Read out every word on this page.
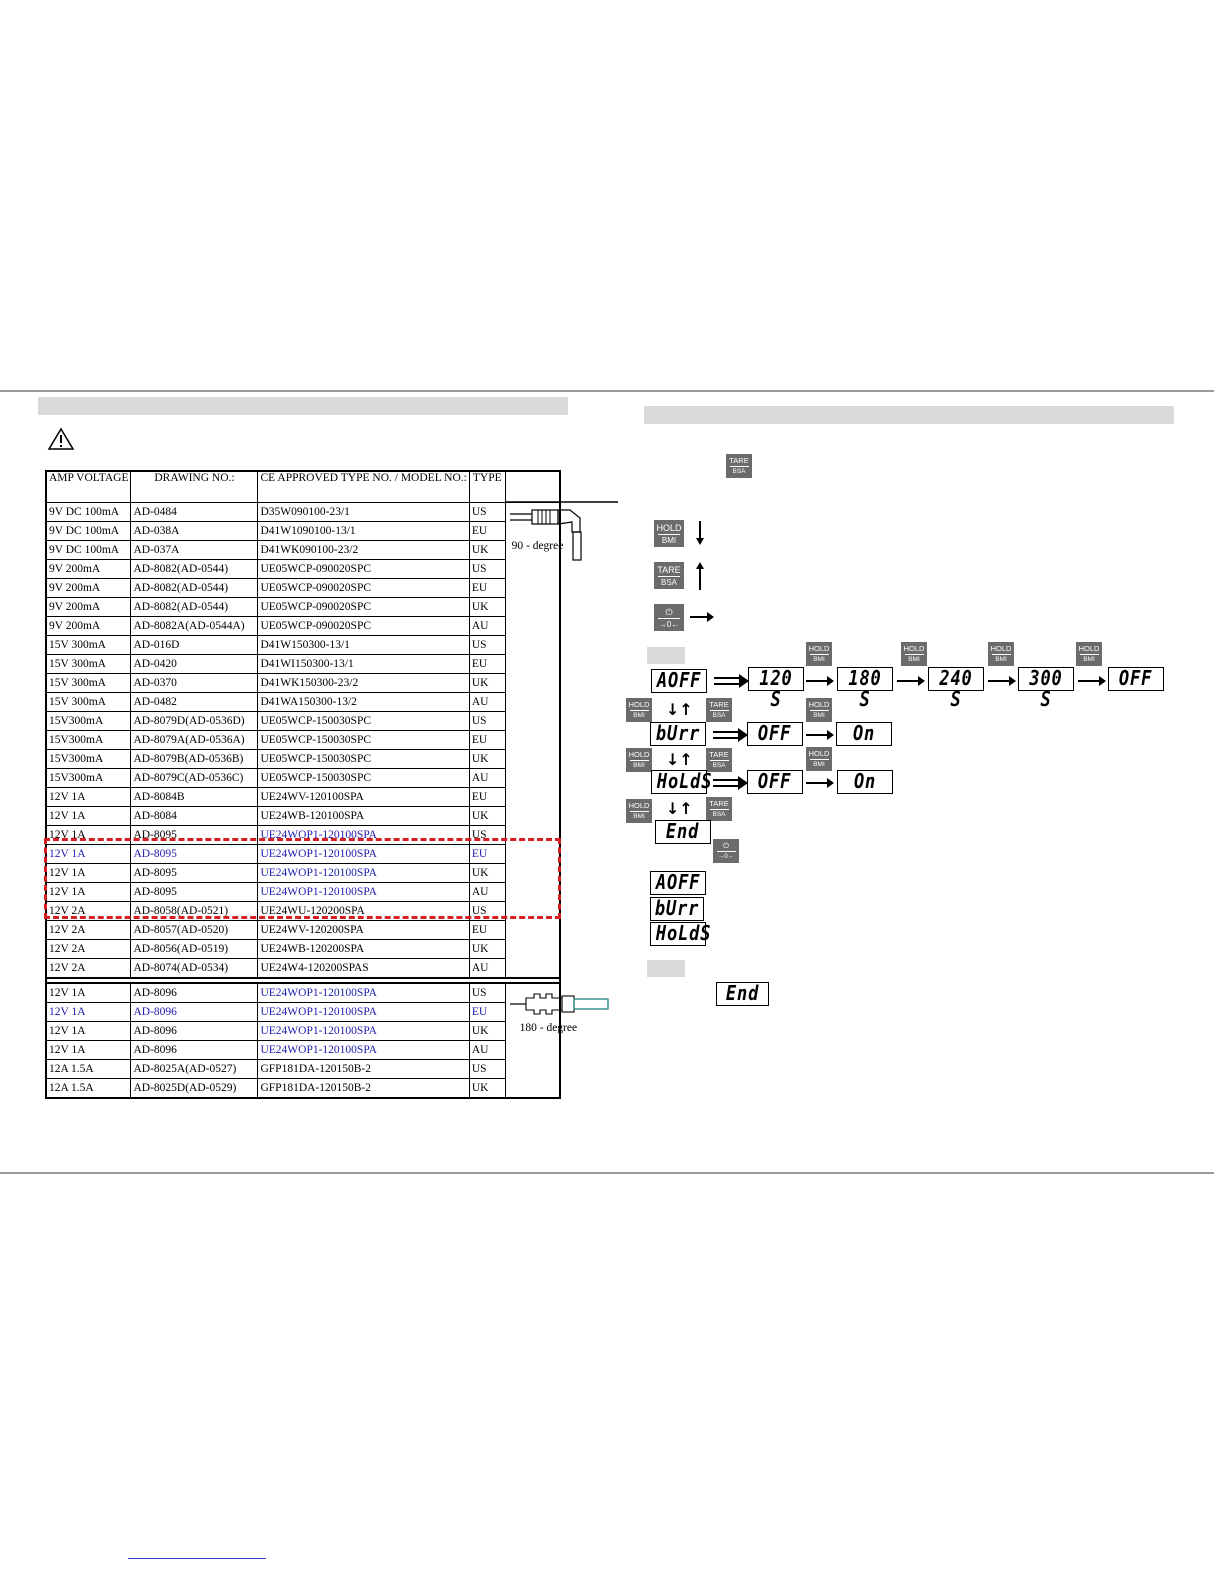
AMP VOLTAGE	DRAWING NO.:	CE APPROVED TYPE NO. / MODEL NO.:	TYPE	90 - degree

9V DC 100mA	AD-0484	D35W090100-23/1	US	
9V DC 100mA	AD-038A	D41W1090100-13/1	EU	
9V DC 100mA	AD-037A	D41WK090100-23/2	UK	
9V 200mA	AD-8082(AD-0544)	UE05WCP-090020SPC	US	
9V 200mA	AD-8082(AD-0544)	UE05WCP-090020SPC	EU	
9V 200mA	AD-8082(AD-0544)	UE05WCP-090020SPC	UK	
9V 200mA	AD-8082A(AD-0544A)	UE05WCP-090020SPC	AU	
15V 300mA	AD-016D	D41W150300-13/1	US	
15V 300mA	AD-0420	D41WI150300-13/1	EU	
15V 300mA	AD-0370	D41WK150300-23/2	UK	
15V 300mA	AD-0482	D41WA150300-13/2	AU	
15V300mA	AD-8079D(AD-0536D)	UE05WCP-150030SPC	US	
15V300mA	AD-8079A(AD-0536A)	UE05WCP-150030SPC	EU	
15V300mA	AD-8079B(AD-0536B)	UE05WCP-150030SPC	UK	
15V300mA	AD-8079C(AD-0536C)	UE05WCP-150030SPC	AU	
12V 1A	AD-8084B	UE24WV-120100SPA	EU	
12V 1A	AD-8084	UE24WB-120100SPA	UK	
12V 1A	AD-8095	UE24WOP1-120100SPA	US	
12V 1A	AD-8095	UE24WOP1-120100SPA	EU	
12V 1A	AD-8095	UE24WOP1-120100SPA	UK	
12V 1A	AD-8095	UE24WOP1-120100SPA	AU	
12V 2A	AD-8058(AD-0521)	UE24WU-120200SPA	US	
12V 2A	AD-8057(AD-0520)	UE24WV-120200SPA	EU	
12V 2A	AD-8056(AD-0519)	UE24WB-120200SPA	UK	
12V 2A	AD-8074(AD-0534)	UE24W4-120200SPAS	AU	

12V 1A	AD-8096	UE24WOP1-120100SPA	US	180 - degree

12V 1A	AD-8096	UE24WOP1-120100SPA	EU	
12V 1A	AD-8096	UE24WOP1-120100SPA	UK	
12V 1A	AD-8096	UE24WOP1-120100SPA	AU	
12A 1.5A	AD-8025A(AD-0527)	GFP181DA-120150B-2	US	
12A 1.5A	AD-8025D(AD-0529)	GFP181DA-120150B-2	UK	
TARE
BSA
HOLD
BMI
TARE
BSA
⏻
→0←
HOLD
BMI
HOLD
BMI
HOLD
BMI
HOLD
BMI
AOFF	120 S
180 S
240 S
300 S
OFF
HOLD
BMI ↓↑ TARE
BSA
HOLD
BMI
bUrr	OFF	On
HOLD
BMI ↓↑ TARE
BSA
HOLD
BMI
HoLdS	OFF	On
HOLD
BMI ↓↑ TARE
BSA
End
⏻
→0←
AOFF
bUrr
HoLdS
End
